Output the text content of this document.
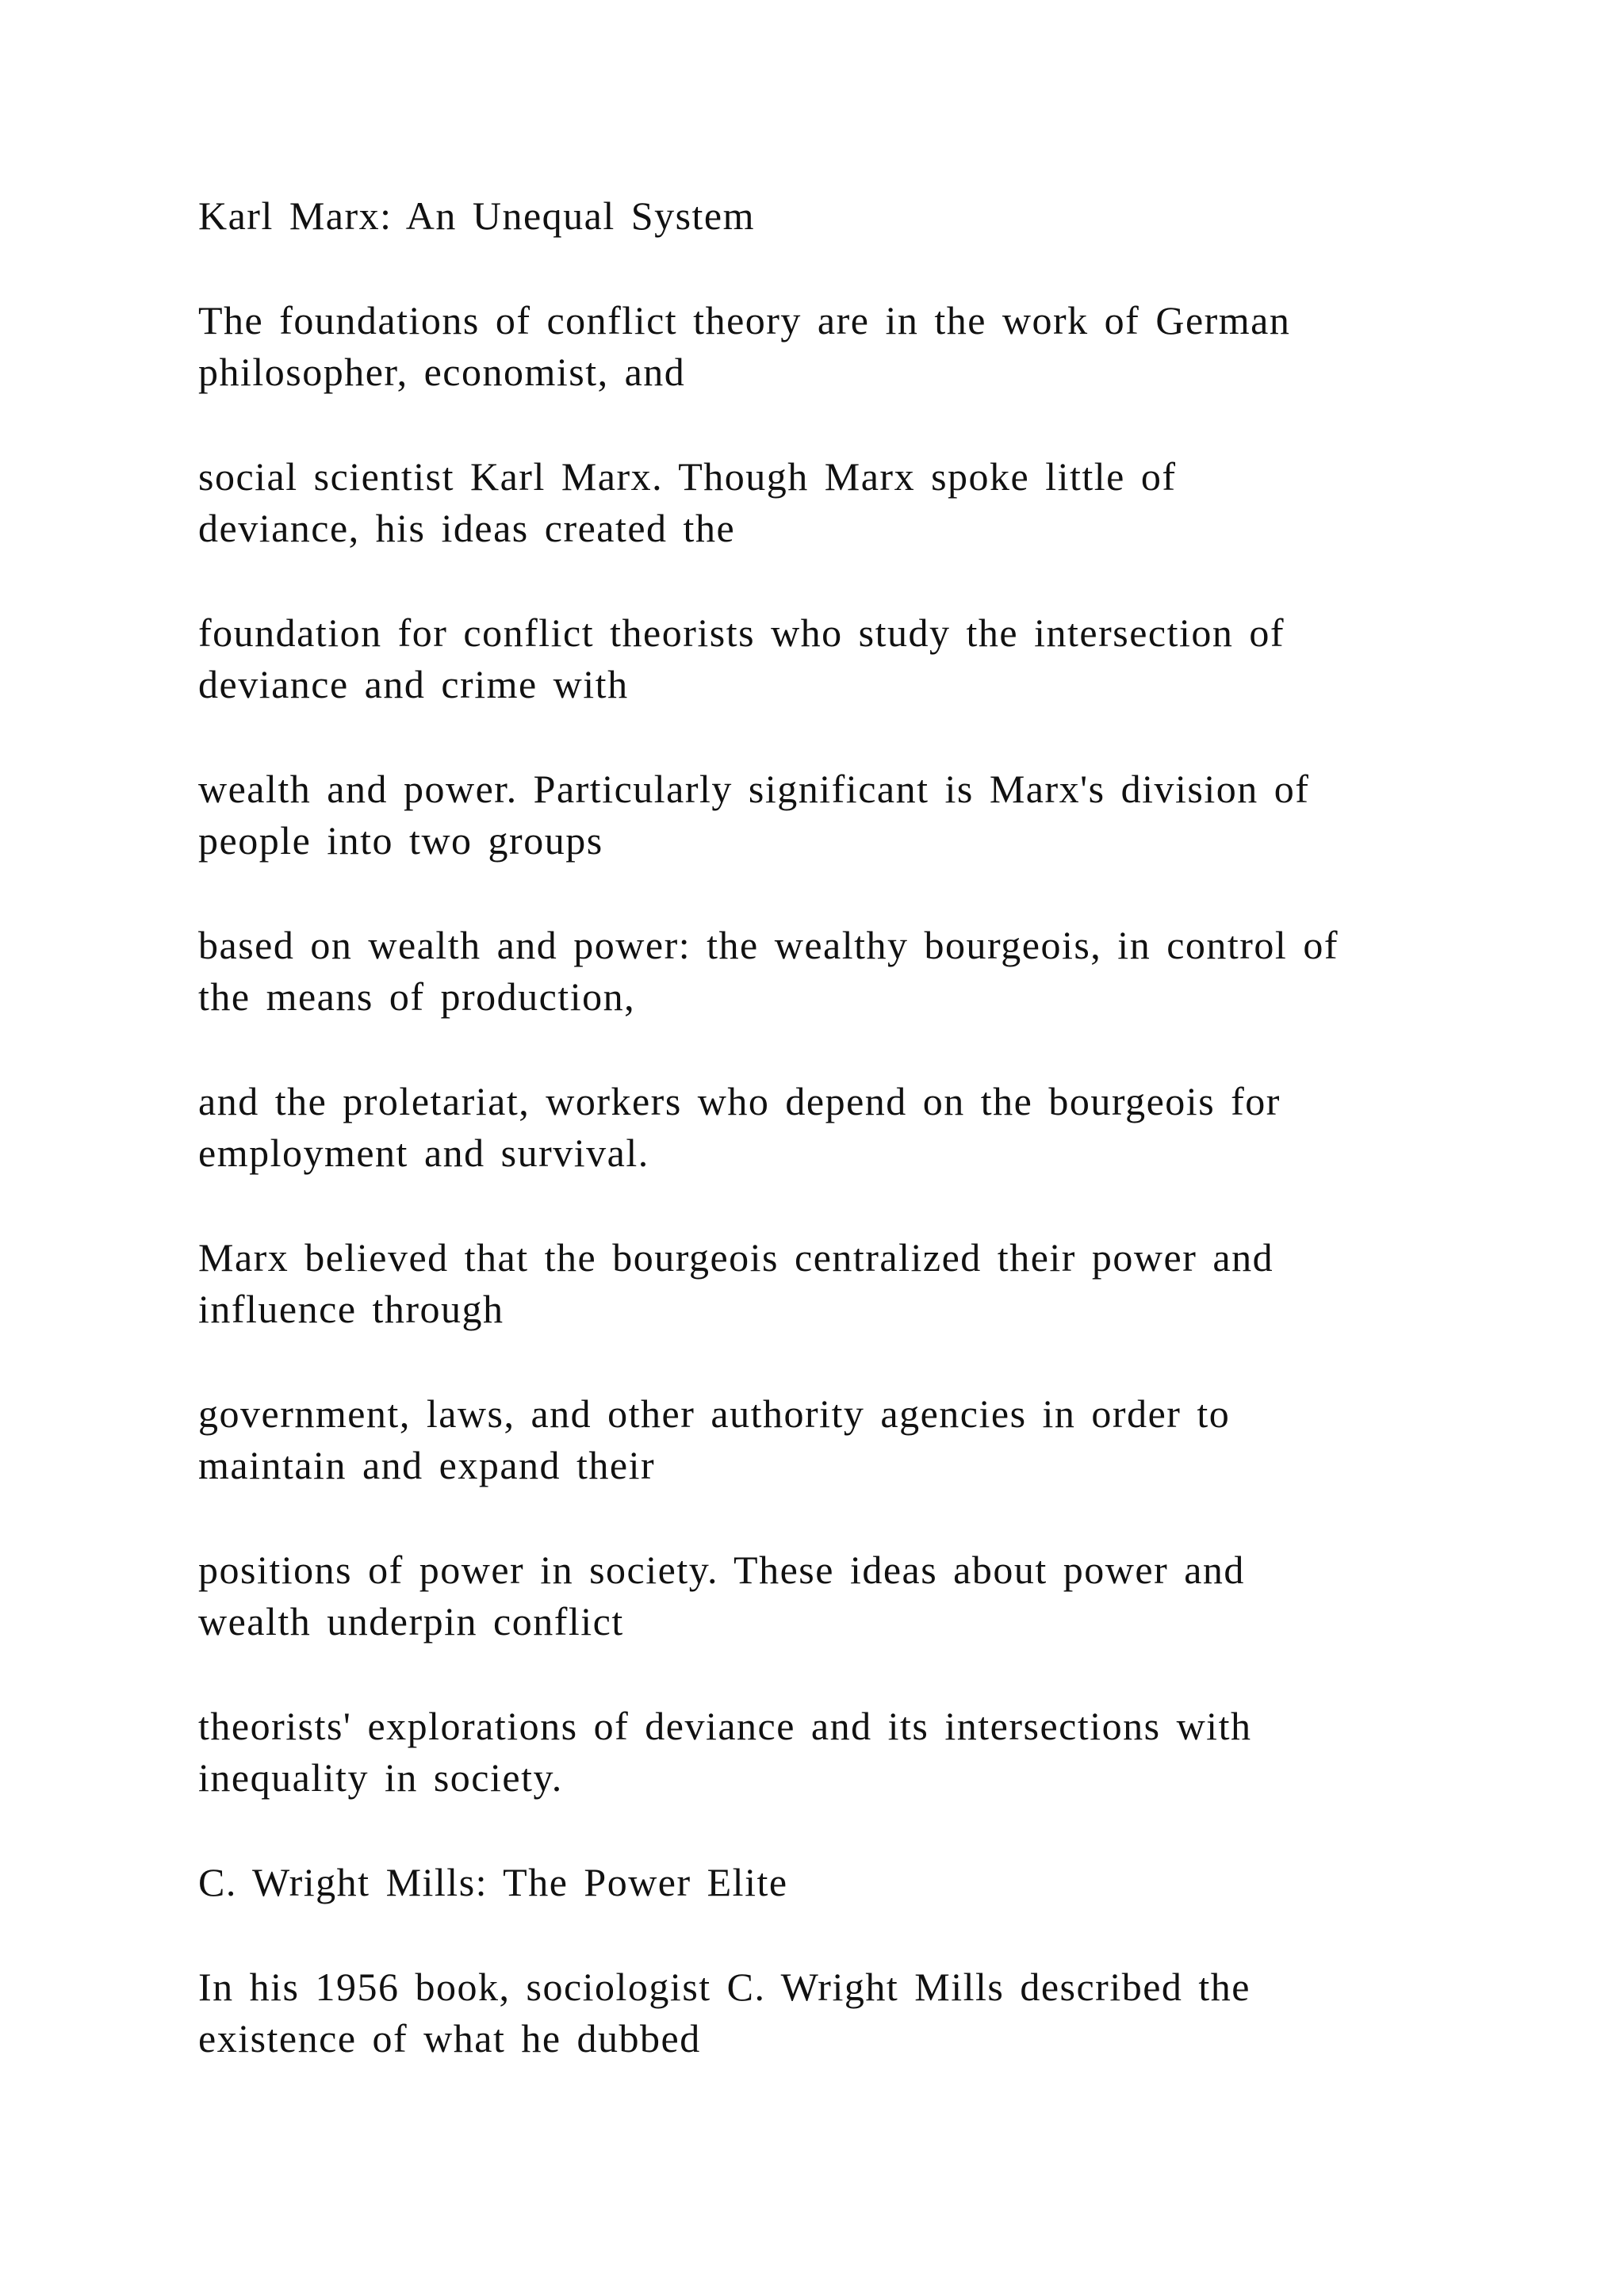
Karl Marx: An Unequal System

The foundations of conflict theory are in the work of German
philosopher, economist, and

social scientist Karl Marx. Though Marx spoke little of
deviance, his ideas created the

foundation for conflict theorists who study the intersection of
deviance and crime with

wealth and power. Particularly significant is Marx's division of
people into two groups

based on wealth and power: the wealthy bourgeois, in control of
the means of production,

and the proletariat, workers who depend on the bourgeois for
employment and survival.

Marx believed that the bourgeois centralized their power and
influence through

government, laws, and other authority agencies in order to
maintain and expand their

positions of power in society. These ideas about power and
wealth underpin conflict

theorists' explorations of deviance and its intersections with
inequality in society.

C. Wright Mills: The Power Elite

In his 1956 book, sociologist C. Wright Mills described the
existence of what he dubbed
